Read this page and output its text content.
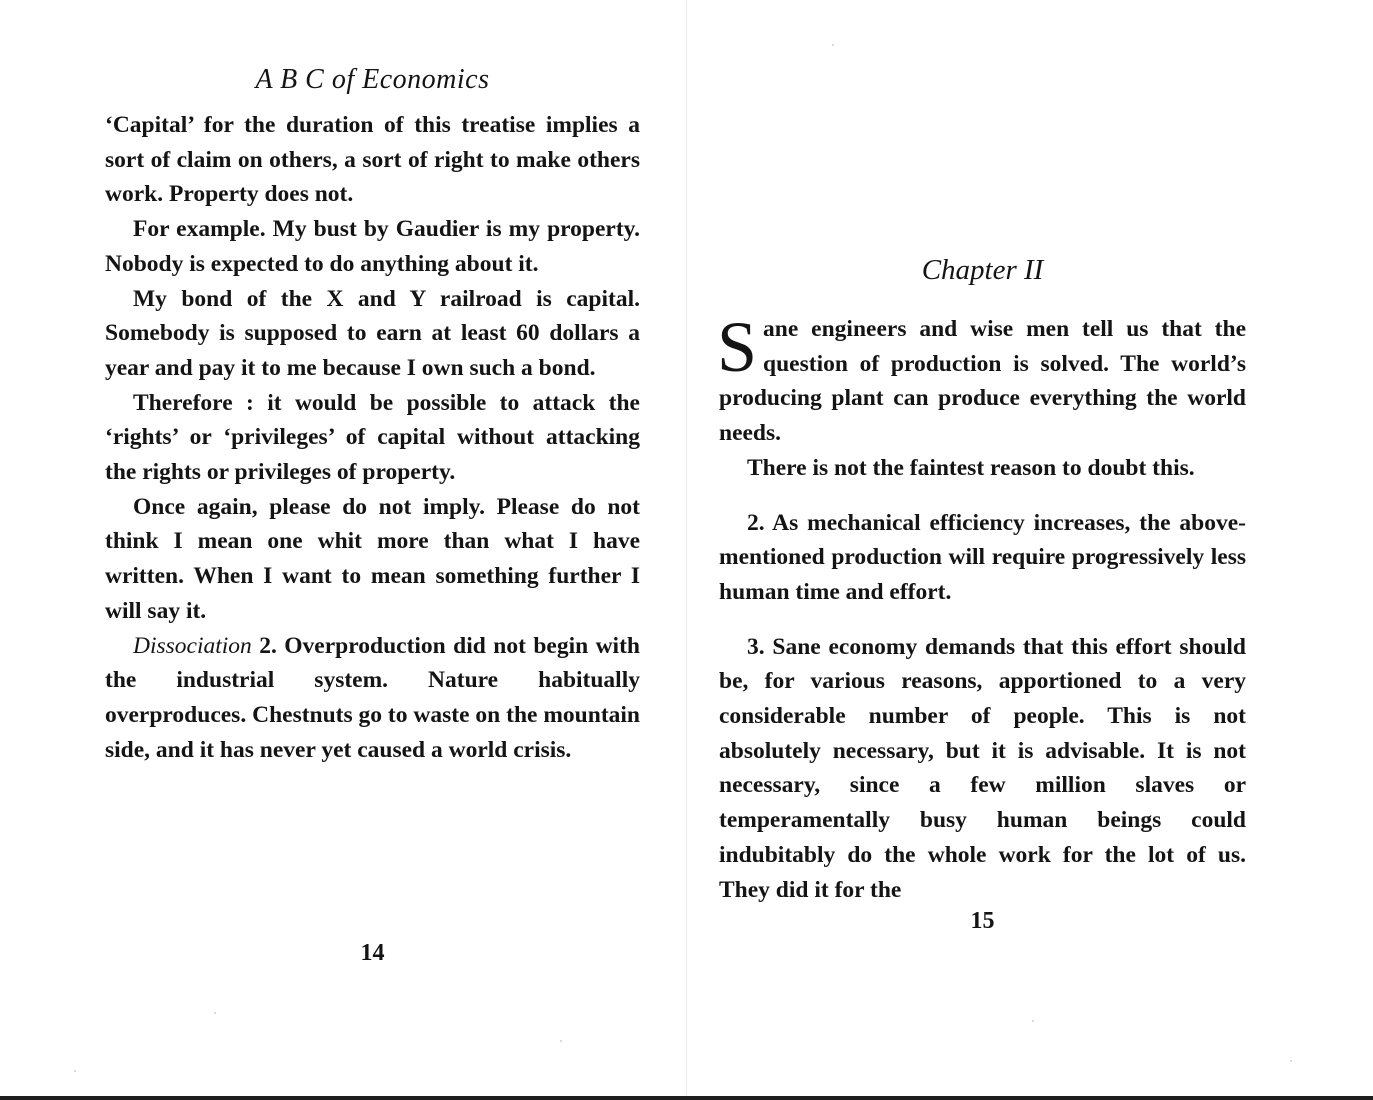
A B C of Economics

‘Capital’ for the duration of this treatise implies a sort of claim on others, a sort of right to make others work. Property does not.

For example. My bust by Gaudier is my property. Nobody is expected to do anything about it.

My bond of the X and Y railroad is capital. Somebody is supposed to earn at least 60 dollars a year and pay it to me because I own such a bond.

Therefore : it would be possible to attack the ‘rights’ or ‘privileges’ of capital without attacking the rights or privileges of property.

Once again, please do not imply. Please do not think I mean one whit more than what I have written. When I want to mean something further I will say it.

Dissociation 2. Overproduction did not begin with the industrial system. Nature habitually overproduces. Chestnuts go to waste on the mountain side, and it has never yet caused a world crisis.

14
Chapter II

Sane engineers and wise men tell us that the question of production is solved. The world’s producing plant can produce everything the world needs.

There is not the faintest reason to doubt this.

2. As mechanical efficiency increases, the above-mentioned production will require progressively less human time and effort.

3. Sane economy demands that this effort should be, for various reasons, apportioned to a very considerable number of people. This is not absolutely necessary, but it is advisable. It is not necessary, since a few million slaves or temperamentally busy human beings could indubitably do the whole work for the lot of us. They did it for the

15
